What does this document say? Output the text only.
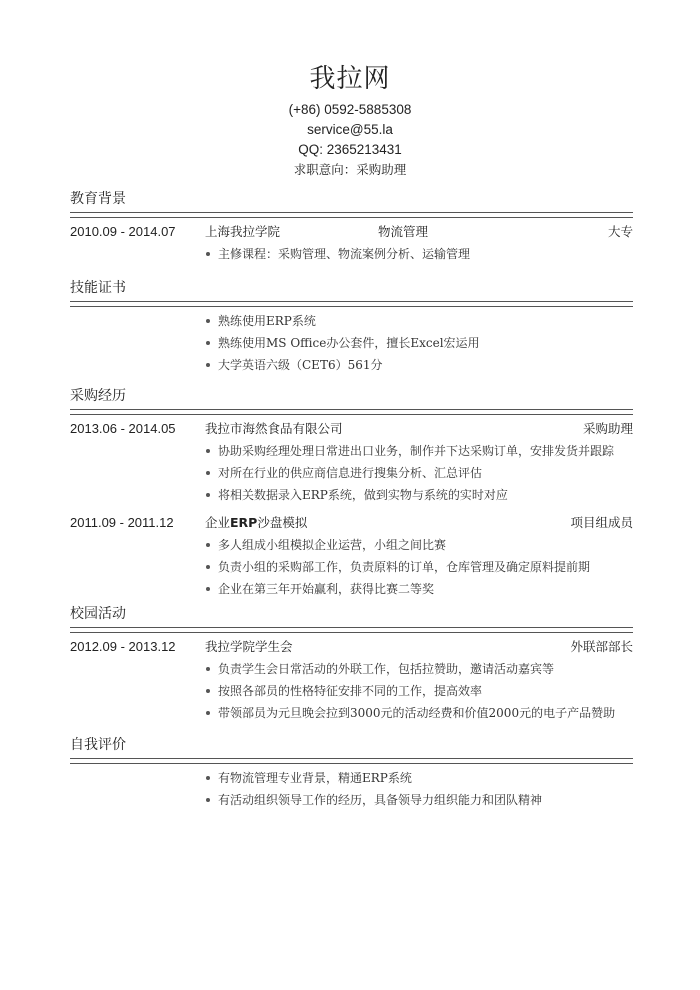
我拉网
(+86) 0592-5885308
service@55.la
QQ: 2365213431
求职意向：采购助理
教育背景
2010.09 - 2014.07 上海我拉学院	物流管理	大专
主修课程：采购管理、物流案例分析、运输管理
技能证书
熟练使用ERP系统
熟练使用MS Office办公套件，擅长Excel宏运用
大学英语六级（CET6）561分
采购经历
2013.06 - 2014.05 我拉市海然食品有限公司	采购助理
协助采购经理处理日常进出口业务，制作并下达采购订单，安排发货并跟踪
对所在行业的供应商信息进行搜集分析、汇总评估
将相关数据录入ERP系统，做到实物与系统的实时对应
2011.09 - 2011.12	企业ERP沙盘模拟	项目组成员
多人组成小组模拟企业运营，小组之间比赛
负责小组的采购部工作，负责原料的订单，仓库管理及确定原料提前期
企业在第三年开始赢利，获得比赛二等奖
校园活动
2012.09 - 2013.12 我拉学院学生会	外联部部长
负责学生会日常活动的外联工作，包括拉赞助，邀请活动嘉宾等
按照各部员的性格特征安排不同的工作，提高效率
带领部员为元旦晚会拉到3000元的活动经费和价值2000元的电子产品赞助
自我评价
有物流管理专业背景，精通ERP系统
有活动组织领导工作的经历，具备领导力组织能力和团队精神
